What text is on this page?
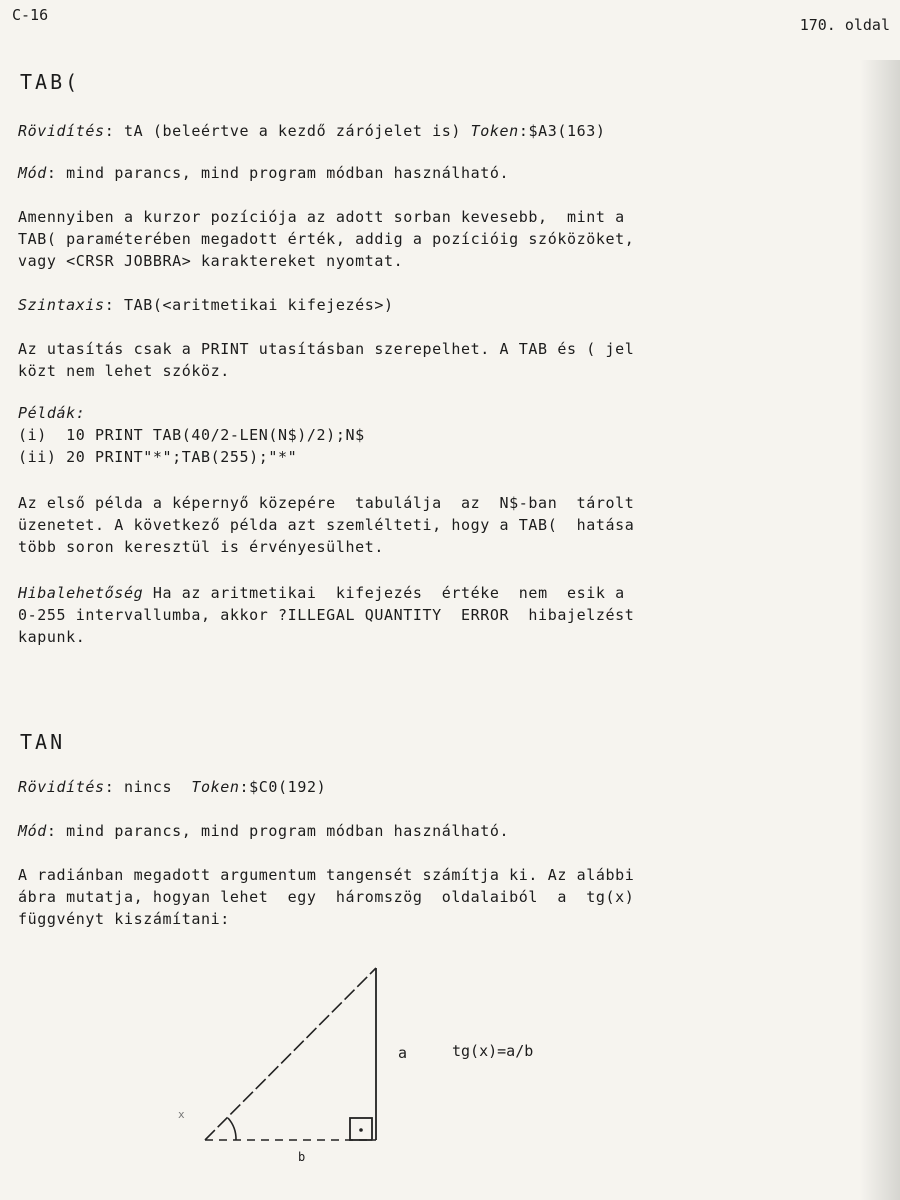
C-16
170. oldal
TAB(
Rövidítés: tA (beleértve a kezdő zárójelet is) Token:$A3(163)
Mód: mind parancs, mind program módban használható.
Amennyiben a kurzor pozíciója az adott sorban kevesebb,  mint a
TAB( paraméterében megadott érték, addig a pozícióig szóközöket,
vagy <CRSR JOBBRA> karaktereket nyomtat.
Szintaxis: TAB(<aritmetikai kifejezés>)
Az utasítás csak a PRINT utasításban szerepelhet. A TAB és ( jel
közt nem lehet szóköz.
Példák:
(i)  10 PRINT TAB(40/2-LEN(N$)/2);N$
(ii) 20 PRINT"*";TAB(255);"*"
Az első példa a képernyő közepére  tabulálja  az  N$-ban  tárolt
üzenetet. A következő példa azt szemlélteti, hogy a TAB(  hatása
több soron keresztül is érvényesülhet.
Hibalehetőség Ha az aritmetikai  kifejezés  értéke  nem  esik a
0-255 intervallumba, akkor ?ILLEGAL QUANTITY  ERROR  hibajelzést
kapunk.
TAN
Rövidítés: nincs  Token:$C0(192)
Mód: mind parancs, mind program módban használható.
A radiánban megadott argumentum tangensét számítja ki. Az alábbi
ábra mutatja, hogyan lehet  egy  háromszög  oldalaiból  a  tg(x)
függvényt kiszámítani:
a	tg(x)=a/b
b
x
